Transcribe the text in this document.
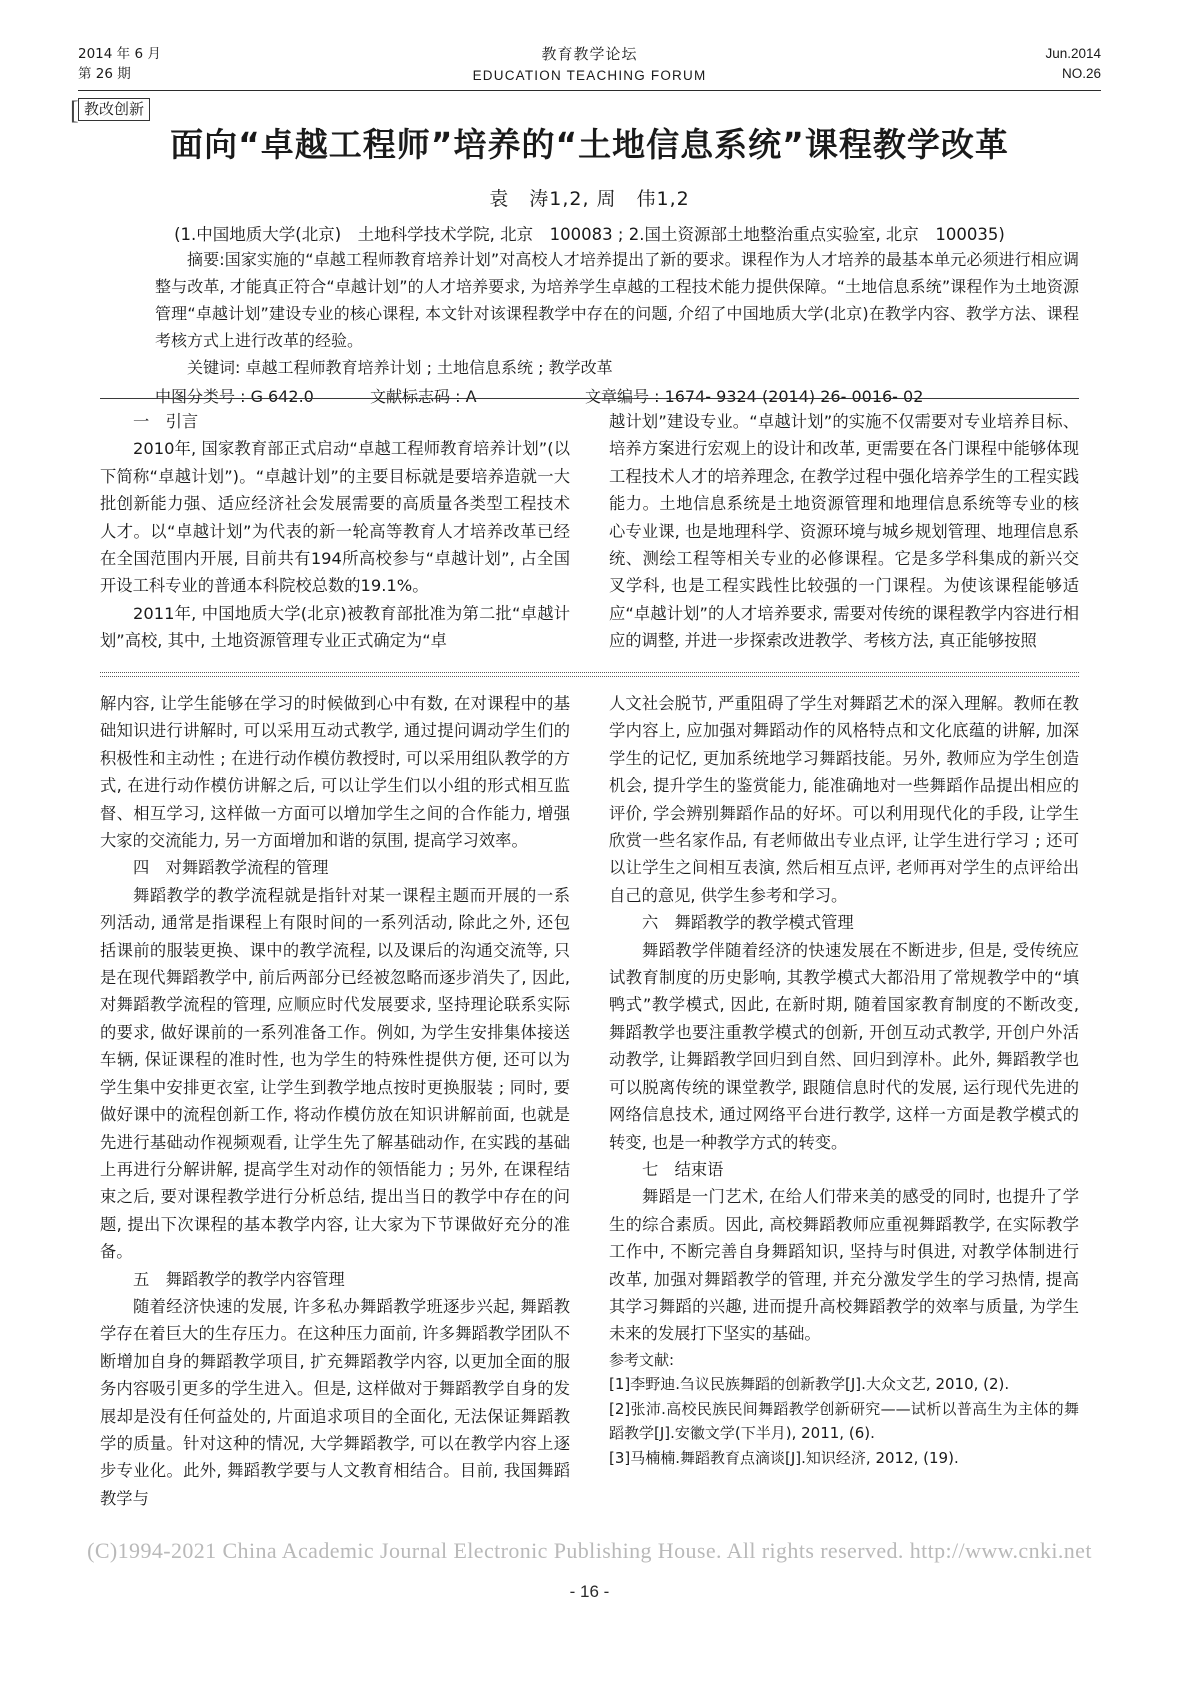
2014 年 6 月
第 26 期
教育教学论坛
EDUCATION TEACHING FORUM
Jun.2014
NO.26
[ 教改创新
面向“卓越工程师”培养的“土地信息系统”课程教学改革
袁　涛1,2, 周　伟1,2
(1.中国地质大学(北京)　土地科学技术学院, 北京　100083 ; 2.国土资源部土地整治重点实验室, 北京　100035)

摘要:国家实施的“卓越工程师教育培养计划”对高校人才培养提出了新的要求。课程作为人才培养的最基本单元必须进行相应调整与改革, 才能真正符合“卓越计划”的人才培养要求, 为培养学生卓越的工程技术能力提供保障。“土地信息系统”课程作为土地资源管理“卓越计划”建设专业的核心课程, 本文针对该课程教学中存在的问题, 介绍了中国地质大学(北京)在教学内容、教学方法、课程考核方式上进行改革的经验。

关键词: 卓越工程师教育培养计划 ; 土地信息系统 ; 教学改革

中图分类号 : G 642.0	文献标志码 : A	文章编号 : 1674- 9324 (2014) 26- 0016- 02
一　引言

2010年, 国家教育部正式启动“卓越工程师教育培养计划”(以下简称“卓越计划”)。“卓越计划”的主要目标就是要培养造就一大批创新能力强、适应经济社会发展需要的高质量各类型工程技术人才。以“卓越计划”为代表的新一轮高等教育人才培养改革已经在全国范围内开展, 目前共有194所高校参与“卓越计划”, 占全国开设工科专业的普通本科院校总数的19.1%。

2011年, 中国地质大学(北京)被教育部批准为第二批“卓越计划”高校, 其中, 土地资源管理专业正式确定为“卓

越计划”建设专业。“卓越计划”的实施不仅需要对专业培养目标、培养方案进行宏观上的设计和改革, 更需要在各门课程中能够体现工程技术人才的培养理念, 在教学过程中强化培养学生的工程实践能力。土地信息系统是土地资源管理和地理信息系统等专业的核心专业课, 也是地理科学、资源环境与城乡规划管理、地理信息系统、测绘工程等相关专业的必修课程。它是多学科集成的新兴交叉学科, 也是工程实践性比较强的一门课程。为使该课程能够适应“卓越计划”的人才培养要求, 需要对传统的课程教学内容进行相应的调整, 并进一步探索改进教学、考核方法, 真正能够按照

解内容, 让学生能够在学习的时候做到心中有数, 在对课程中的基础知识进行讲解时, 可以采用互动式教学, 通过提问调动学生们的积极性和主动性 ; 在进行动作模仿教授时, 可以采用组队教学的方式, 在进行动作模仿讲解之后, 可以让学生们以小组的形式相互监督、相互学习, 这样做一方面可以增加学生之间的合作能力, 增强大家的交流能力, 另一方面增加和谐的氛围, 提高学习效率。

四　对舞蹈教学流程的管理

舞蹈教学的教学流程就是指针对某一课程主题而开展的一系列活动, 通常是指课程上有限时间的一系列活动, 除此之外, 还包括课前的服装更换、课中的教学流程, 以及课后的沟通交流等, 只是在现代舞蹈教学中, 前后两部分已经被忽略而逐步消失了, 因此, 对舞蹈教学流程的管理, 应顺应时代发展要求, 坚持理论联系实际的要求, 做好课前的一系列准备工作。例如, 为学生安排集体接送车辆, 保证课程的准时性, 也为学生的特殊性提供方便, 还可以为学生集中安排更衣室, 让学生到教学地点按时更换服装 ; 同时, 要做好课中的流程创新工作, 将动作模仿放在知识讲解前面, 也就是先进行基础动作视频观看, 让学生先了解基础动作, 在实践的基础上再进行分解讲解, 提高学生对动作的领悟能力 ; 另外, 在课程结束之后, 要对课程教学进行分析总结, 提出当日的教学中存在的问题, 提出下次课程的基本教学内容, 让大家为下节课做好充分的准备。

五　舞蹈教学的教学内容管理

随着经济快速的发展, 许多私办舞蹈教学班逐步兴起, 舞蹈教学存在着巨大的生存压力。在这种压力面前, 许多舞蹈教学团队不断增加自身的舞蹈教学项目, 扩充舞蹈教学内容, 以更加全面的服务内容吸引更多的学生进入。但是, 这样做对于舞蹈教学自身的发展却是没有任何益处的, 片面追求项目的全面化, 无法保证舞蹈教学的质量。针对这种的情况, 大学舞蹈教学, 可以在教学内容上逐步专业化。此外, 舞蹈教学要与人文教育相结合。目前, 我国舞蹈教学与

人文社会脱节, 严重阻碍了学生对舞蹈艺术的深入理解。教师在教学内容上, 应加强对舞蹈动作的风格特点和文化底蕴的讲解, 加深学生的记忆, 更加系统地学习舞蹈技能。另外, 教师应为学生创造机会, 提升学生的鉴赏能力, 能准确地对一些舞蹈作品提出相应的评价, 学会辨别舞蹈作品的好坏。可以利用现代化的手段, 让学生欣赏一些名家作品, 有老师做出专业点评, 让学生进行学习 ; 还可以让学生之间相互表演, 然后相互点评, 老师再对学生的点评给出自己的意见, 供学生参考和学习。

六　舞蹈教学的教学模式管理

舞蹈教学伴随着经济的快速发展在不断进步, 但是, 受传统应试教育制度的历史影响, 其教学模式大都沿用了常规教学中的“填鸭式”教学模式, 因此, 在新时期, 随着国家教育制度的不断改变, 舞蹈教学也要注重教学模式的创新, 开创互动式教学, 开创户外活动教学, 让舞蹈教学回归到自然、回归到淳朴。此外, 舞蹈教学也可以脱离传统的课堂教学, 跟随信息时代的发展, 运行现代先进的网络信息技术, 通过网络平台进行教学, 这样一方面是教学模式的转变, 也是一种教学方式的转变。

七　结束语

舞蹈是一门艺术, 在给人们带来美的感受的同时, 也提升了学生的综合素质。因此, 高校舞蹈教师应重视舞蹈教学, 在实际教学工作中, 不断完善自身舞蹈知识, 坚持与时俱进, 对教学体制进行改革, 加强对舞蹈教学的管理, 并充分激发学生的学习热情, 提高其学习舞蹈的兴趣, 进而提升高校舞蹈教学的效率与质量, 为学生未来的发展打下坚实的基础。

参考文献:

[1]李野迪.刍议民族舞蹈的创新教学[J].大众文艺, 2010, (2).

[2]张沛.高校民族民间舞蹈教学创新研究——试析以普高生为主体的舞蹈教学[J].安徽文学(下半月), 2011, (6).

[3]马楠楠.舞蹈教育点滴谈[J].知识经济, 2012, (19).

(C)1994-2021 China Academic Journal Electronic Publishing House. All rights reserved. http://www.cnki.net
- 16 -
